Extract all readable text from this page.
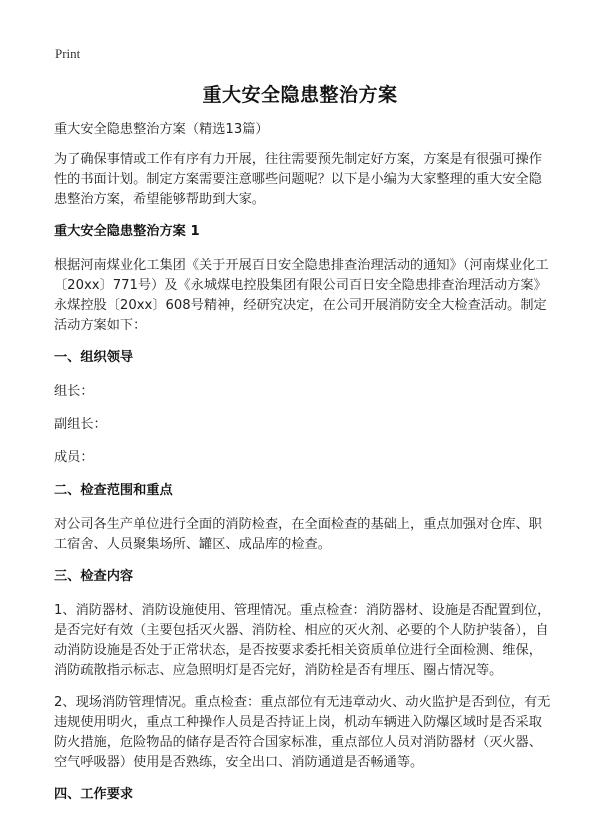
Print
重大安全隐患整治方案

重大安全隐患整治方案（精选13篇）

为了确保事情或工作有序有力开展，往往需要预先制定好方案，方案是有很强可操作性的书面计划。制定方案需要注意哪些问题呢？以下是小编为大家整理的重大安全隐患整治方案，希望能够帮助到大家。

重大安全隐患整治方案 1

根据河南煤业化工集团《关于开展百日安全隐患排查治理活动的通知》（河南煤业化工〔20xx〕771号）及《永城煤电控股集团有限公司百日安全隐患排查治理活动方案》永煤控股〔20xx〕608号精神，经研究决定，在公司开展消防安全大检查活动。制定活动方案如下：

一、组织领导

组长：

副组长：

成员：

二、检查范围和重点

对公司各生产单位进行全面的消防检查，在全面检查的基础上，重点加强对仓库、职工宿舍、人员聚集场所、罐区、成品库的检查。

三、检查内容

1、消防器材、消防设施使用、管理情况。重点检查：消防器材、设施是否配置到位，是否完好有效（主要包括灭火器、消防栓、相应的灭火剂、必要的个人防护装备），自动消防设施是否处于正常状态，是否按要求委托相关资质单位进行全面检测、维保，消防疏散指示标志、应急照明灯是否完好，消防栓是否有埋压、圈占情况等。

2、现场消防管理情况。重点检查：重点部位有无违章动火、动火监护是否到位，有无违规使用明火，重点工种操作人员是否持证上岗，机动车辆进入防爆区域时是否采取防火措施，危险物品的储存是否符合国家标准，重点部位人员对消防器材（灭火器、空气呼吸器）使用是否熟练，安全出口、消防通道是否畅通等。

四、工作要求
